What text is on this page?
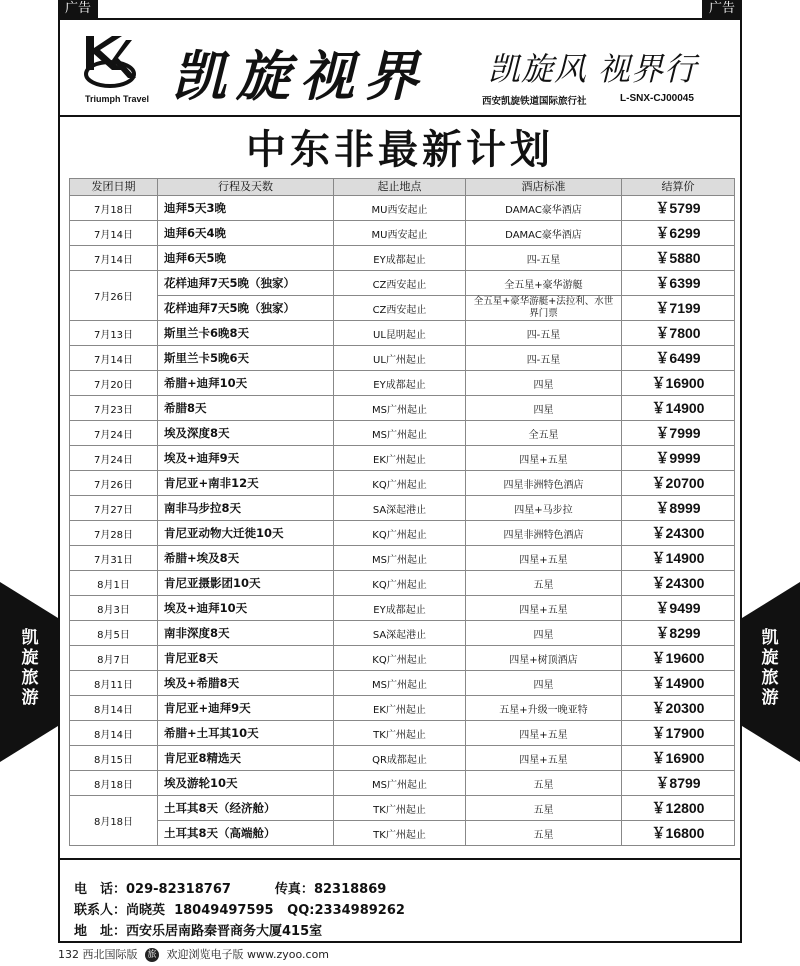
广告	广告
凯旋旅游
凯旋旅游
Triumph Travel 凯旋视界 凯旋风 视界行
西安凯旋铁道国际旅行社	L-SNX-CJ00045
中东非最新计划
发团日期	行程及天数	起止地点	酒店标准	结算价
7月18日	迪拜5天3晚	MU西安起止	DAMAC豪华酒店	￥5799
7月14日	迪拜6天4晚	MU西安起止	DAMAC豪华酒店	￥6299
7月14日	迪拜6天5晚	EY成都起止	四-五星	￥5880
7月26日	花样迪拜7天5晚（独家）	CZ西安起止	全五星+豪华游艇	￥6399
	花样迪拜7天5晚（独家）	CZ西安起止	全五星+豪华游艇+法拉利、水世界门票	￥7199
7月13日	斯里兰卡6晚8天	UL昆明起止	四-五星	￥7800
7月14日	斯里兰卡5晚6天	UL广州起止	四-五星	￥6499
7月20日	希腊+迪拜10天	EY成都起止	四星	￥16900
7月23日	希腊8天	MS广州起止	四星	￥14900
7月24日	埃及深度8天	MS广州起止	全五星	￥7999
7月24日	埃及+迪拜9天	EK广州起止	四星+五星	￥9999
7月26日	肯尼亚+南非12天	KQ广州起止	四星非洲特色酒店	￥20700
7月27日	南非马步拉8天	SA深起港止	四星+马步拉	￥8999
7月28日	肯尼亚动物大迁徙10天	KQ广州起止	四星非洲特色酒店	￥24300
7月31日	希腊+埃及8天	MS广州起止	四星+五星	￥14900
8月1日	肯尼亚摄影团10天	KQ广州起止	五星	￥24300
8月3日	埃及+迪拜10天	EY成都起止	四星+五星	￥9499
8月5日	南非深度8天	SA深起港止	四星	￥8299
8月7日	肯尼亚8天	KQ广州起止	四星+树顶酒店	￥19600
8月11日	埃及+希腊8天	MS广州起止	四星	￥14900
8月14日	肯尼亚+迪拜9天	EK广州起止	五星+升级一晚亚特	￥20300
8月14日	希腊+土耳其10天	TK广州起止	四星+五星	￥17900
8月15日	肯尼亚8精选天	QR成都起止	四星+五星	￥16900
8月18日	埃及游轮10天	MS广州起止	五星	￥8799
8月18日	土耳其8天（经济舱）	TK广州起止	五星	￥12800
	土耳其8天（高端舱）	TK广州起止	五星	￥16800
电　话：029-82318767	传真：82318869
联系人：尚晓英 18049497595 QQ:2334989262
地　址：西安乐居南路秦晋商务大厦415室
132 西北国际版 旅 欢迎浏览电子版 www.zyoo.com
